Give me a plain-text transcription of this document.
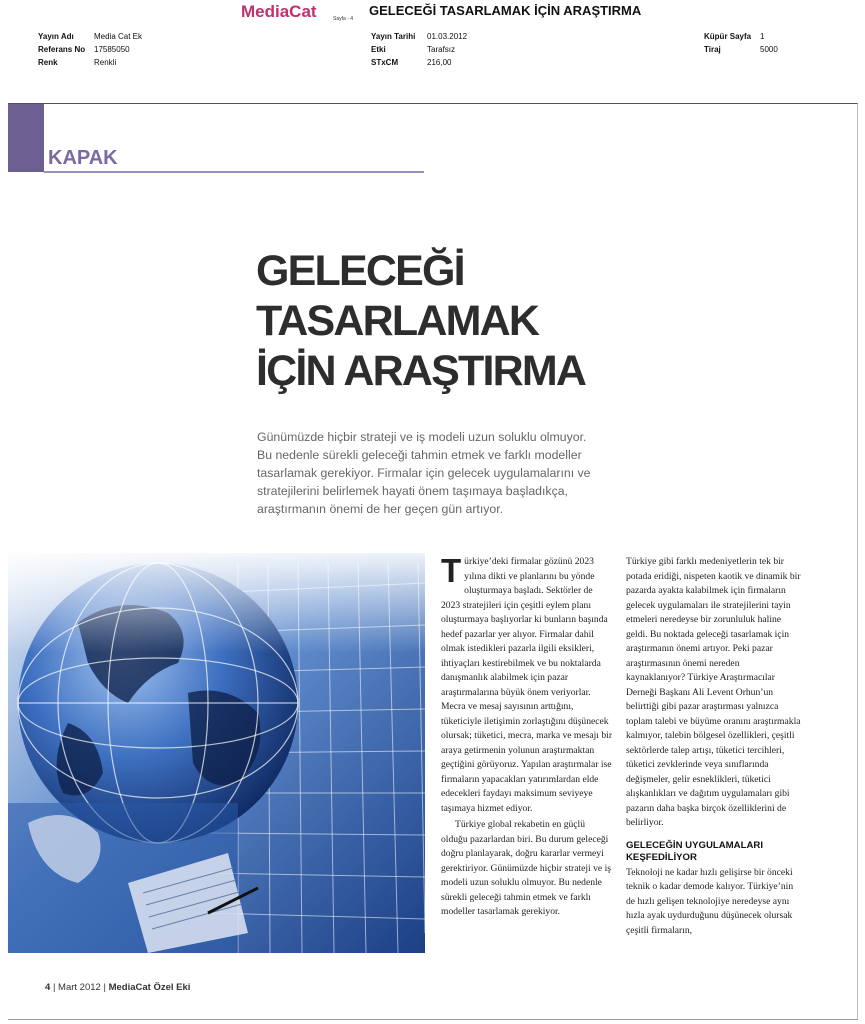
MediaCat	Sayfa - 4
GELECEĞİ TASARLAMAK İÇİN ARAŞTIRMA
Yayın Adı	Media Cat Ek
Referans No 17585050
Renk	Renkli
Yayın Tarihi 01.03.2012
Etki	Tarafsız
STxCM	216,00
Küpür Sayfa 1
Tiraj	5000
KAPAK
GELECEĞİ
TASARLAMAK
İÇİN ARAŞTIRMA
Günümüzde hiçbir strateji ve iş modeli uzun soluklu olmuyor. Bu nedenle sürekli geleceği tahmin etmek ve farklı modeller tasarlamak gerekiyor. Firmalar için gelecek uygulamalarını ve stratejilerini belirlemek hayati önem taşımaya başladıkça, araştırmanın önemi de her geçen gün artıyor.
Türkiye’deki firmalar gözünü 2023 yılına dikti ve planlarını bu yönde oluşturmaya başladı. Sektörler de 2023 stratejileri için çeşitli eylem planı oluşturmaya başlıyorlar ki bunların başında hedef pazarlar yer alıyor. Firmalar dahil olmak istedikleri pazarla ilgili eksikleri, ihtiyaçları kestirebilmek ve bu noktalarda danışmanlık alabilmek için pazar araştırmalarına büyük önem veriyorlar. Mecra ve mesaj sayısının arttığını, tüketiciyle iletişimin zorlaştığını düşünecek olursak; tüketici, mecra, marka ve mesajı bir araya getirmenin yolunun araştırmaktan geçtiğini görüyoruz. Yapılan araştırmalar ise firmaların yapacakları yatırımlardan elde edecekleri faydayı maksimum seviyeye taşımaya hizmet ediyor.
Türkiye global rekabetin en güçlü olduğu pazarlardan biri. Bu durum geleceği doğru planlayarak, doğru kararlar vermeyi gerektiriyor. Günümüzde hiçbir strateji ve iş modeli uzun soluklu olmuyor. Bu nedenle sürekli geleceği tahmin etmek ve farklı modeller tasarlamak gerekiyor.
Türkiye gibi farklı medeniyetlerin tek bir potada eridiği, nispeten kaotik ve dinamik bir pazarda ayakta kalabilmek için firmaların gelecek uygulamaları ile stratejilerini tayin etmeleri neredeyse bir zorunluluk haline geldi. Bu noktada geleceği tasarlamak için araştırmanın önemi artıyor. Peki pazar araştırmasının önemi nereden kaynaklanıyor? Türkiye Araştırmacılar Derneği Başkanı Ali Levent Orhun’un belirttiği gibi pazar araştırması yalnızca toplam talebi ve büyüme oranını araştırmakla kalmıyor, talebin bölgesel özellikleri, çeşitli sektörlerde talep artışı, tüketici tercihleri, tüketici zevklerinde veya sınıflarında değişmeler, gelir esneklikleri, tüketici alışkanlıkları ve dağıtım uygulamaları gibi pazarın daha başka birçok özelliklerini de belirliyor.
GELECEĞİN UYGULAMALARI KEŞFEDİLİYOR
Teknoloji ne kadar hızlı gelişirse bir önceki teknik o kadar demode kalıyor. Türkiye’nin de hızlı gelişen teknolojiye neredeyse aynı hızla ayak uydurduğunu düşünecek olursak çeşitli firmaların,
4 | Mart 2012 | MediaCat Özel Eki
